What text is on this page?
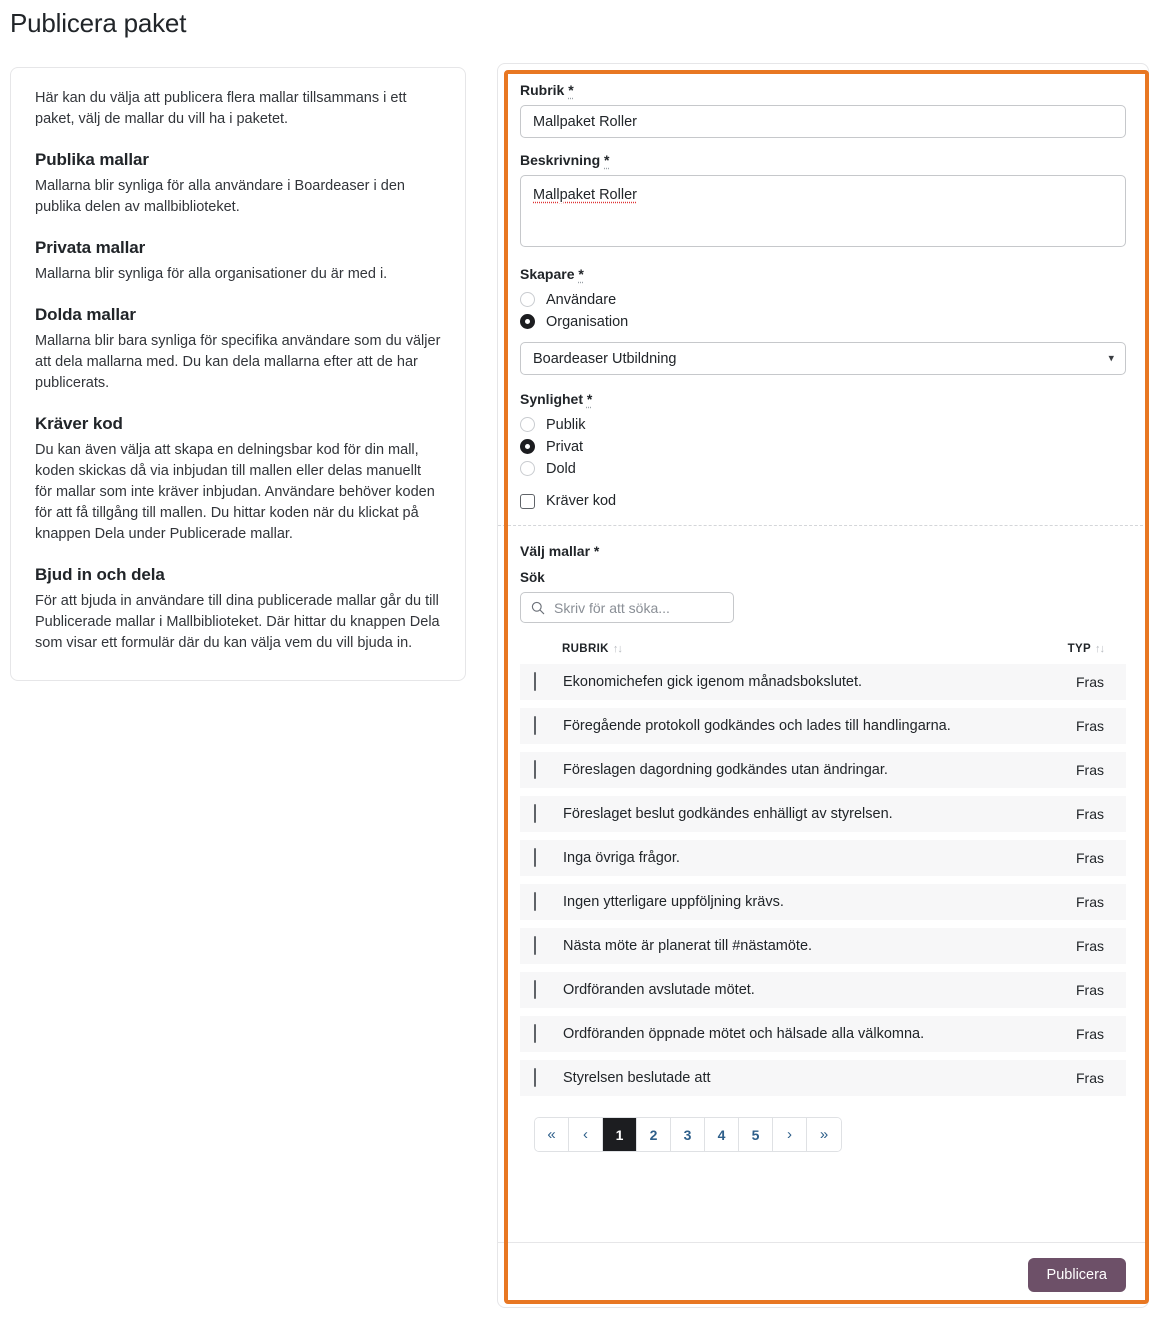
Publicera paket

Här kan du välja att publicera flera mallar tillsammans i ett paket, välj de mallar du vill ha i paketet.

Publika mallar

Mallarna blir synliga för alla användare i Boardeaser i den publika delen av mallbiblioteket.

Privata mallar

Mallarna blir synliga för alla organisationer du är med i.

Dolda mallar

Mallarna blir bara synliga för specifika användare som du väljer att dela mallarna med. Du kan dela mallarna efter att de har publicerats.

Kräver kod

Du kan även välja att skapa en delningsbar kod för din mall, koden skickas då via inbjudan till mallen eller delas manuellt för mallar som inte kräver inbjudan. Användare behöver koden för att få tillgång till mallen. Du hittar koden när du klickat på knappen Dela under Publicerade mallar.

Bjud in och dela

För att bjuda in användare till dina publicerade mallar går du till Publicerade mallar i Mallbiblioteket. Där hittar du knappen Dela som visar ett formulär där du kan välja vem du vill bjuda in.

Rubrik *
Mallpaket Roller
Beskrivning *
Mallpaket Roller
Skapare *
Användare
Organisation
Boardeaser Utbildning
▾
Synlighet *
Publik
Privat
Dold
Kräver kod
Välj mallar *
Sök
Skriv för att söka...
RUBRIK ↑↓		TYP ↑↓
	Ekonomichefen gick igenom månadsbokslutet.	Fras

	Föregående protokoll godkändes och lades till handlingarna.	Fras

	Föreslagen dagordning godkändes utan ändringar.	Fras

	Föreslaget beslut godkändes enhälligt av styrelsen.	Fras

	Inga övriga frågor.	Fras

	Ingen ytterligare uppföljning krävs.	Fras

	Nästa möte är planerat till #nästamöte.	Fras

	Ordföranden avslutade mötet.	Fras

	Ordföranden öppnade mötet och hälsade alla välkomna.	Fras

	Styrelsen beslutade att	Fras
«	‹	1	2	3	4	5	›	»
Publicera
